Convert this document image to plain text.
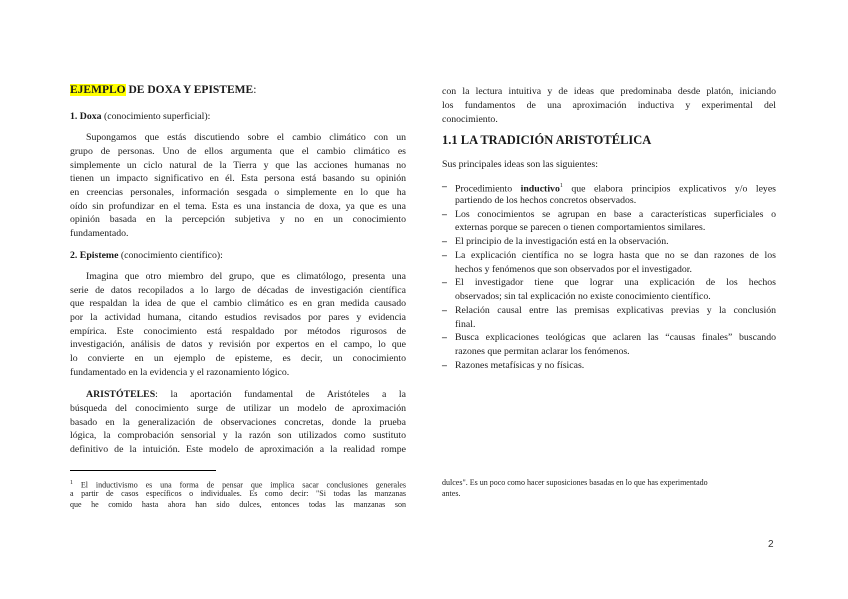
EJEMPLO DE DOXA Y EPISTEME:
1. Doxa (conocimiento superficial):
Supongamos que estás discutiendo sobre el cambio climático con un
grupo de personas. Uno de ellos argumenta que el cambio climático es
simplemente un ciclo natural de la Tierra y que las acciones humanas no
tienen un impacto significativo en él. Esta persona está basando su opinión
en creencias personales, información sesgada o simplemente en lo que ha
oído sin profundizar en el tema. Esta es una instancia de doxa, ya que es una
opinión basada en la percepción subjetiva y no en un conocimiento
fundamentado.
2. Episteme (conocimiento científico):
Imagina que otro miembro del grupo, que es climatólogo, presenta una
serie de datos recopilados a lo largo de décadas de investigación científica
que respaldan la idea de que el cambio climático es en gran medida causado
por la actividad humana, citando estudios revisados por pares y evidencia
empírica. Este conocimiento está respaldado por métodos rigurosos de
investigación, análisis de datos y revisión por expertos en el campo, lo que
lo convierte en un ejemplo de episteme, es decir, un conocimiento
fundamentado en la evidencia y el razonamiento lógico.
ARISTÓTELES: la aportación fundamental de Aristóteles a la
búsqueda del conocimiento surge de utilizar un modelo de aproximación
basado en la generalización de observaciones concretas, donde la prueba
lógica, la comprobación sensorial y la razón son utilizados como sustituto
definitivo de la intuición. Este modelo de aproximación a la realidad rompe
$^1$ El inductivismo es una forma de pensar que implica sacar conclusiones generales
a partir de casos específicos o individuales. Es como decir: "Si todas las manzanas
que he comido hasta ahora han sido dulces, entonces todas las manzanas son
con la lectura intuitiva y de ideas que predominaba desde platón, iniciando
los fundamentos de una aproximación inductiva y experimental del
conocimiento.
1.1 LA TRADICIÓN ARISTOTÉLICA
Sus principales ideas son las siguientes:
– Procedimiento inductivo$^1$ que elabora principios explicativos y/o leyes
partiendo de los hechos concretos observados.
– Los conocimientos se agrupan en base a características superficiales o
externas porque se parecen o tienen comportamientos similares.
– El principio de la investigación está en la observación.
– La explicación científica no se logra hasta que no se dan razones de los
hechos y fenómenos que son observados por el investigador.
– El investigador tiene que lograr una explicación de los hechos
observados; sin tal explicación no existe conocimiento científico.
– Relación causal entre las premisas explicativas previas y la conclusión
final.
– Busca explicaciones teológicas que aclaren las “causas finales” buscando
razones que permitan aclarar los fenómenos.
– Razones metafísicas y no físicas.
dulces". Es un poco como hacer suposiciones basadas en lo que has experimentado
antes.
2
